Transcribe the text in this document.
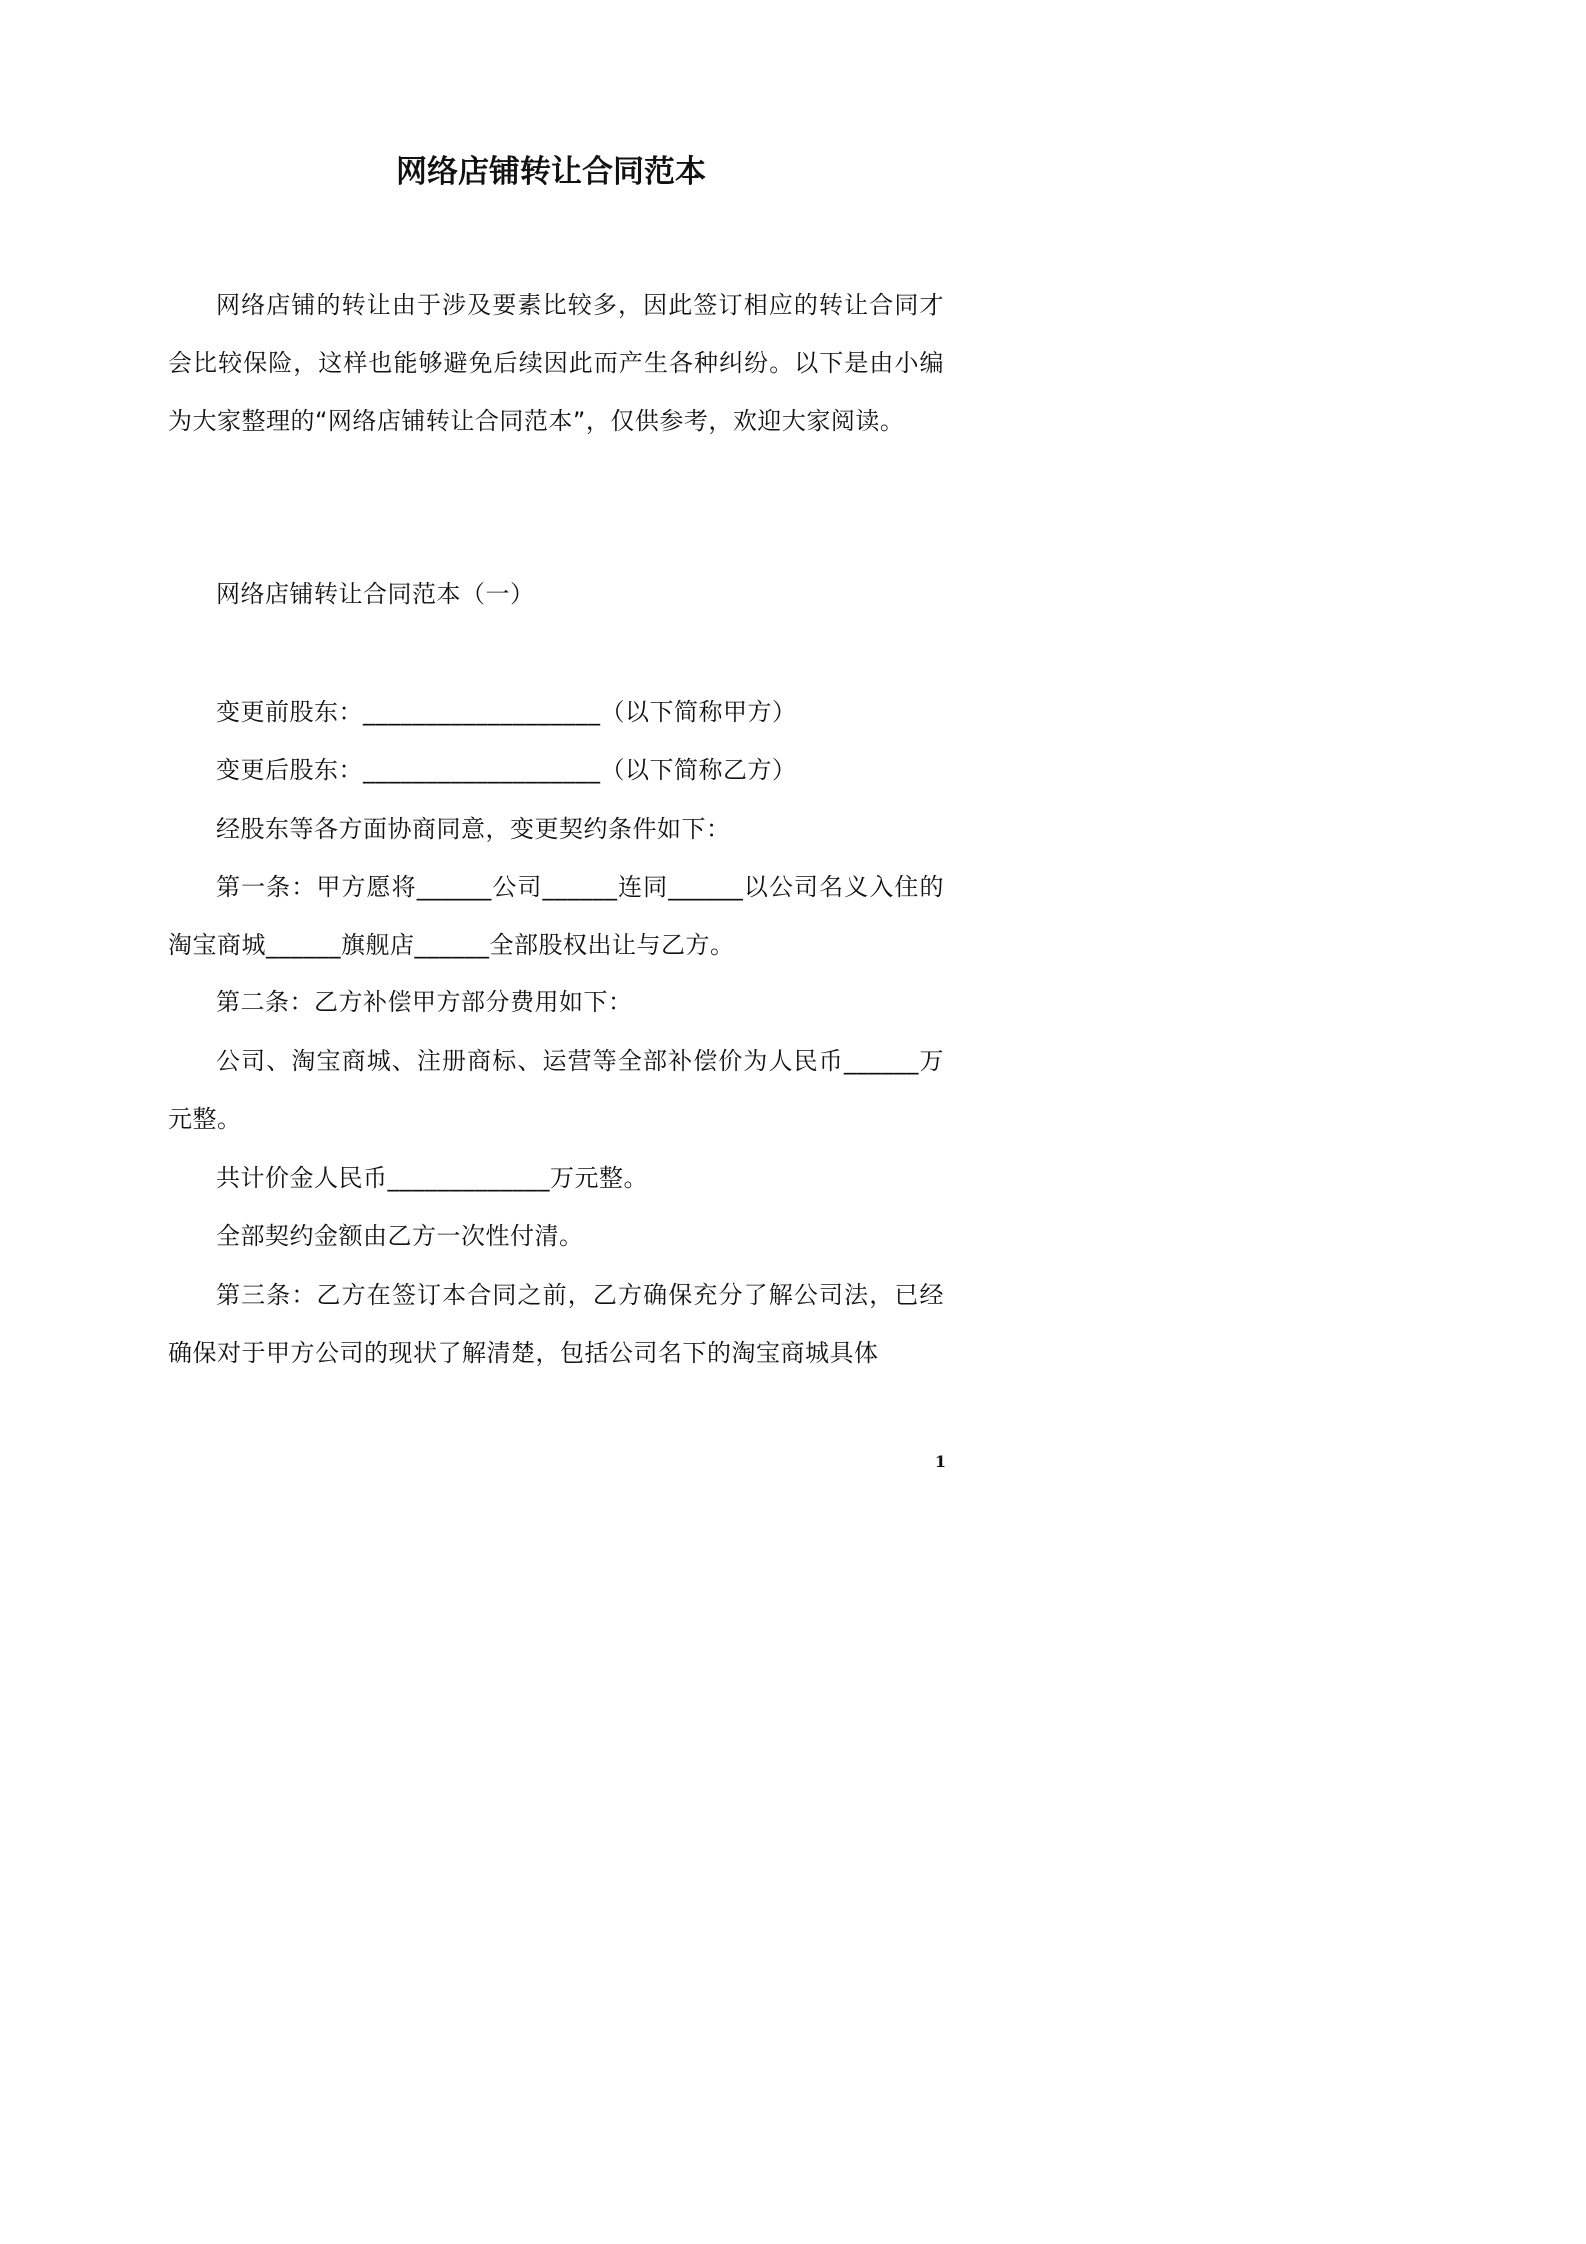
网络店铺转让合同范本

网络店铺的转让由于涉及要素比较多，因此签订相应的转让合同才会比较保险，这样也能够避免后续因此而产生各种纠纷。以下是由小编为大家整理的“网络店铺转让合同范本”，仅供参考，欢迎大家阅读。

网络店铺转让合同范本（一）

变更前股东：___________________（以下简称甲方）

变更后股东：___________________（以下简称乙方）

经股东等各方面协商同意，变更契约条件如下：

第一条：甲方愿将______公司______连同______以公司名义入住的淘宝商城______旗舰店______全部股权出让与乙方。

第二条：乙方补偿甲方部分费用如下：

公司、淘宝商城、注册商标、运营等全部补偿价为人民币______万元整。

共计价金人民币_____________万元整。

全部契约金额由乙方一次性付清。

第三条：乙方在签订本合同之前，乙方确保充分了解公司法，已经确保对于甲方公司的现状了解清楚，包括公司名下的淘宝商城具体

1
